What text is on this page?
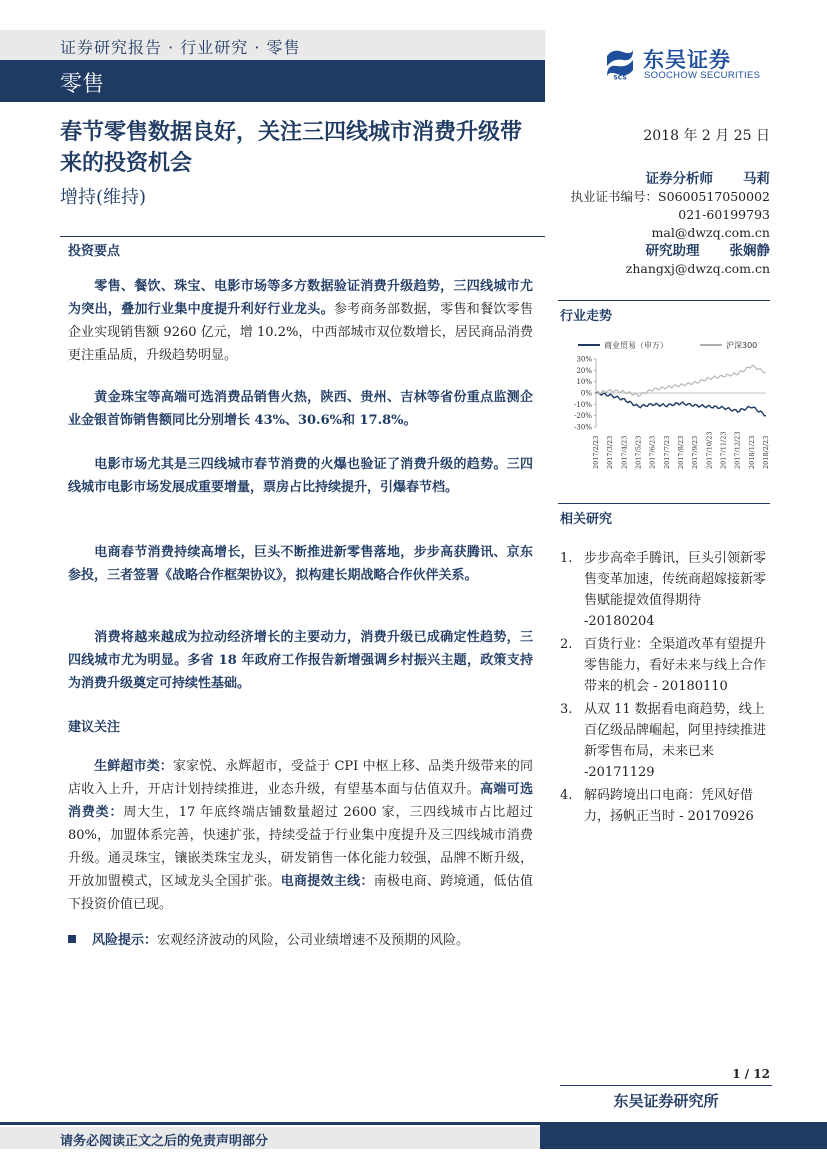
证券研究报告 · 行业研究 · 零售
零售	SCS
东吴证券
SOOCHOW SECURITIES
春节零售数据良好，关注三四线城市消费升级带来的投资机会
增持(维持)
2018 年 2 月 25 日
证券分析师 马莉
执业证书编号：S0600517050002
021-60199793
mal@dwzq.com.cn
研究助理 张娴静
zhangxj@dwzq.com.cn
行业走势
商业贸易（申万）	沪深300
30%
20%
10%
0%
-10%
-20%
-30%
2017/2/23 2017/3/23 2017/4/23 2017/5/23 2017/6/23 2017/7/23 2017/8/23 2017/9/23 2017/10/23 2017/11/23 2017/12/23 2018/1/23 2018/2/23
相关研究
1. 步步高牵手腾讯，巨头引领新零售变革加速，传统商超嫁接新零售赋能提效值得期待 -20180204
2. 百货行业：全渠道改革有望提升零售能力，看好未来与线上合作带来的机会 - 20180110
3. 从双 11 数据看电商趋势，线上百亿级品牌崛起，阿里持续推进新零售布局，未来已来 -20171129
4. 解码跨境出口电商：凭风好借力，扬帆正当时 - 20170926
投资要点
零售、餐饮、珠宝、电影市场等多方数据验证消费升级趋势，三四线城市尤为突出，叠加行业集中度提升利好行业龙头。参考商务部数据，零售和餐饮零售企业实现销售额 9260 亿元，增 10.2%，中西部城市双位数增长，居民商品消费更注重品质，升级趋势明显。
黄金珠宝等高端可选消费品销售火热，陕西、贵州、吉林等省份重点监测企业金银首饰销售额同比分别增长 43%、30.6%和 17.8%。
电影市场尤其是三四线城市春节消费的火爆也验证了消费升级的趋势。三四线城市电影市场发展成重要增量，票房占比持续提升，引爆春节档。
电商春节消费持续高增长，巨头不断推进新零售落地，步步高获腾讯、京东参投，三者签署《战略合作框架协议》，拟构建长期战略合作伙伴关系。
消费将越来越成为拉动经济增长的主要动力，消费升级已成确定性趋势，三四线城市尤为明显。多省 18 年政府工作报告新增强调乡村振兴主题，政策支持为消费升级奠定可持续性基础。
建议关注
生鲜超市类：家家悦、永辉超市，受益于 CPI 中枢上移、品类升级带来的同店收入上升，开店计划持续推进，业态升级，有望基本面与估值双升。高端可选消费类：周大生，17 年底终端店铺数量超过 2600 家，三四线城市占比超过 80%，加盟体系完善，快速扩张，持续受益于行业集中度提升及三四线城市消费升级。通灵珠宝，镶嵌类珠宝龙头，研发销售一体化能力较强，品牌不断升级，开放加盟模式，区域龙头全国扩张。电商提效主线：南极电商、跨境通，低估值下投资价值已现。
风险提示：宏观经济波动的风险，公司业绩增速不及预期的风险。
1 / 12
东吴证券研究所
请务必阅读正文之后的免责声明部分
